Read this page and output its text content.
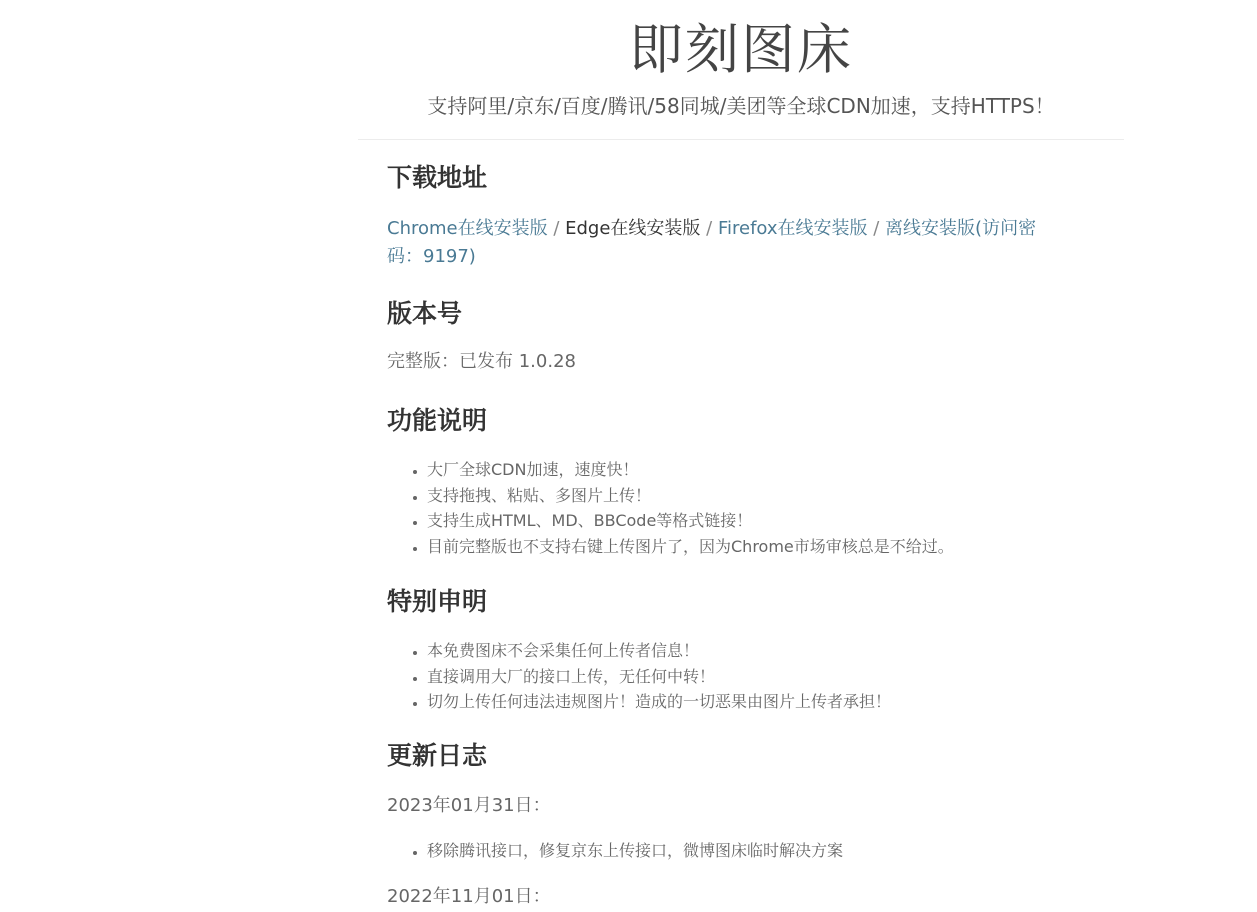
即刻图床

支持阿里/京东/百度/腾讯/58同城/美团等全球CDN加速，支持HTTPS！

下载地址

Chrome在线安装版 / Edge在线安装版 / Firefox在线安装版 / 离线安装版(访问密码：9197)

版本号

完整版：已发布 1.0.28

功能说明
• 大厂全球CDN加速，速度快！
• 支持拖拽、粘贴、多图片上传！
• 支持生成HTML、MD、BBCode等格式链接！
• 目前完整版也不支持右键上传图片了，因为Chrome市场审核总是不给过。
特别申明
• 本免费图床不会采集任何上传者信息！
• 直接调用大厂的接口上传，无任何中转！
• 切勿上传任何违法违规图片！造成的一切恶果由图片上传者承担！
更新日志

2023年01月31日：

• 移除腾讯接口，修复京东上传接口，微博图床临时解决方案

2022年11月01日：
